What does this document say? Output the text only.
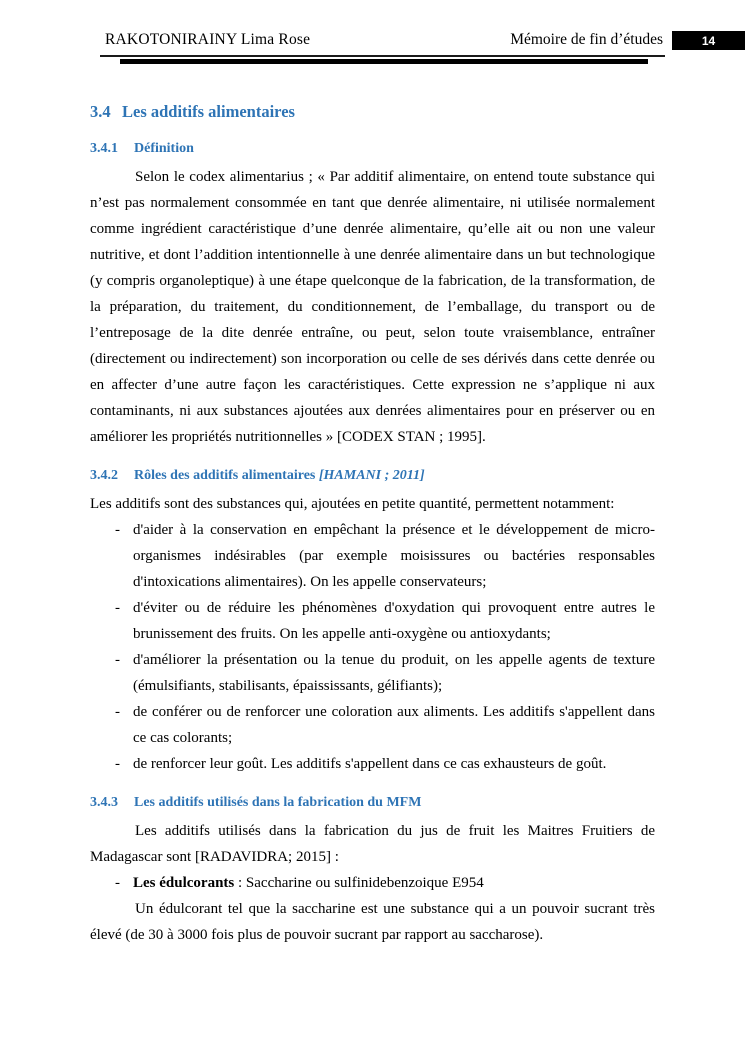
RAKOTONIRAINY Lima Rose	Mémoire de fin d’études	14
3.4 Les additifs alimentaires
3.4.1 Définition

Selon le codex alimentarius ; « Par additif alimentaire, on entend toute substance qui n’est pas normalement consommée en tant que denrée alimentaire, ni utilisée normalement comme ingrédient caractéristique d’une denrée alimentaire, qu’elle ait ou non une valeur nutritive, et dont l’addition intentionnelle à une denrée alimentaire dans un but technologique (y compris organoleptique) à une étape quelconque de la fabrication, de la transformation, de la préparation, du traitement, du conditionnement, de l’emballage, du transport ou de l’entreposage de la dite denrée entraîne, ou peut, selon toute vraisemblance, entraîner (directement ou indirectement) son incorporation ou celle de ses dérivés dans cette denrée ou en affecter d’une autre façon les caractéristiques. Cette expression ne s’applique ni aux contaminants, ni aux substances ajoutées aux denrées alimentaires pour en préserver ou en améliorer les propriétés nutritionnelles » [CODEX STAN ; 1995].

3.4.2 Rôles des additifs alimentaires [HAMANI ; 2011]

Les additifs sont des substances qui, ajoutées en petite quantité, permettent notamment:

- d'aider à la conservation en empêchant la présence et le développement de micro-organismes indésirables (par exemple moisissures ou bactéries responsables d'intoxications alimentaires). On les appelle conservateurs;
- d'éviter ou de réduire les phénomènes d'oxydation qui provoquent entre autres le brunissement des fruits. On les appelle anti-oxygène ou antioxydants;
- d'améliorer la présentation ou la tenue du produit, on les appelle agents de texture (émulsifiants, stabilisants, épaississants, gélifiants);
- de conférer ou de renforcer une coloration aux aliments. Les additifs s'appellent dans ce cas colorants;
- de renforcer leur goût. Les additifs s'appellent dans ce cas exhausteurs de goût.
3.4.3 Les additifs utilisés dans la fabrication du MFM

Les additifs utilisés dans la fabrication du jus de fruit les Maitres Fruitiers de Madagascar sont [RADAVIDRA; 2015] :

- Les édulcorants : Saccharine ou sulfinidebenzoique E954

Un édulcorant tel que la saccharine est une substance qui a un pouvoir sucrant très élevé (de 30 à 3000 fois plus de pouvoir sucrant par rapport au saccharose).
